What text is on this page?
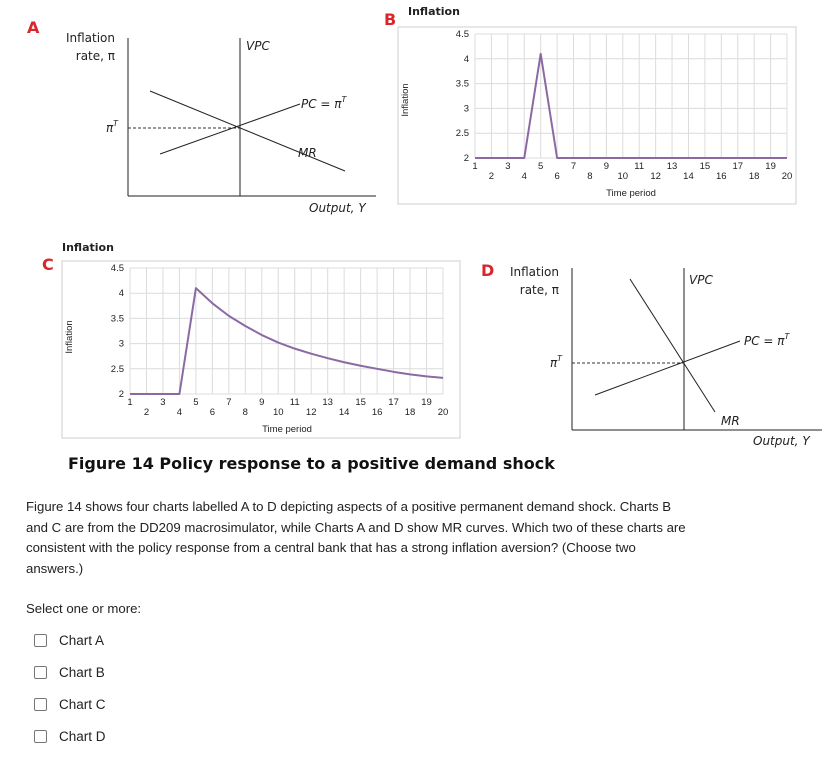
A
Inflation
rate, π
$\pi^T$
VPC
PC = $\pi^T$
MR
Output, Y
B Inflation
Inflation
2
2.5
3
3.5
4
4.5
1
2
3
4
5
6
7
8
9
10
11
12
13
14
15
16
17
18
19
20
Time period
C
Inflation
Inflation
2
2.5
3
3.5
4
4.5
1
2
3
4
5
6
7
8
9
10
11
12
13
14
15
16
17
18
19
20
Time period
D Inflation
rate, π
$\pi^T$
VPC
PC = $\pi^T$
MR
Output, Y
Figure 14 Policy response to a positive demand shock
Figure 14 shows four charts labelled A to D depicting aspects of a positive permanent demand shock. Charts B and C are from the DD209 macrosimulator, while Charts A and D show MR curves. Which two of these charts are consistent with the policy response from a central bank that has a strong inflation aversion? (Choose two answers.)
Select one or more:
Chart A
Chart B
Chart C
Chart D
